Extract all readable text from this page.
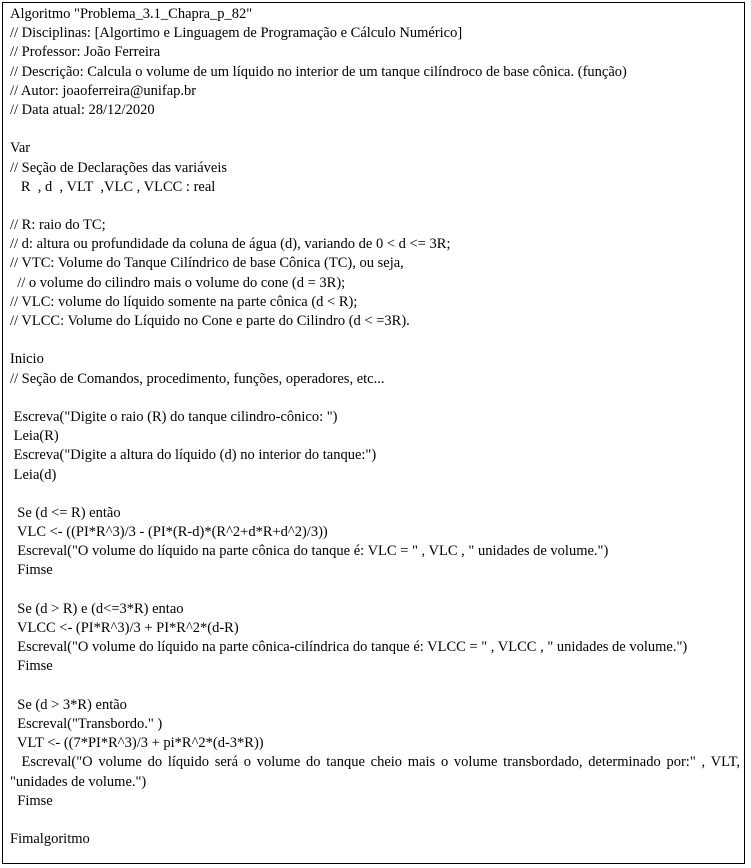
Algoritmo "Problema_3.1_Chapra_p_82"
// Disciplinas: [Algortimo e Linguagem de Programação e Cálculo Numérico]
// Professor: João Ferreira
// Descrição: Calcula o volume de um líquido no interior de um tanque cilíndroco de base cônica. (função)
// Autor: joaoferreira@unifap.br
// Data atual: 28/12/2020
Var
// Seção de Declarações das variáveis
R  , d  , VLT  ,VLC , VLCC : real
// R: raio do TC;
// d: altura ou profundidade da coluna de água (d), variando de 0 < d <= 3R;
// VTC: Volume do Tanque Cilíndrico de base Cônica (TC), ou seja,
// o volume do cilindro mais o volume do cone (d = 3R);
// VLC: volume do líquido somente na parte cônica (d < R);
// VLCC: Volume do Líquido no Cone e parte do Cilindro (d < =3R).
Inicio
// Seção de Comandos, procedimento, funções, operadores, etc...
Escreva("Digite o raio (R) do tanque cilindro-cônico: ")
Leia(R)
Escreva("Digite a altura do líquido (d) no interior do tanque:")
Leia(d)
Se (d <= R) então
VLC <- ((PI*R^3)/3 - (PI*(R-d)*(R^2+d*R+d^2)/3))
Escreval("O volume do líquido na parte cônica do tanque é: VLC = " , VLC , " unidades de volume.")
Fimse
Se (d > R) e (d<=3*R) entao
VLCC <- (PI*R^3)/3 + PI*R^2*(d-R)
Escreval("O volume do líquido na parte cônica-cilíndrica do tanque é: VLCC = " , VLCC , " unidades de volume.")
Fimse
Se (d > 3*R) então
Escreval("Transbordo." )
VLT <- ((7*PI*R^3)/3 + pi*R^2*(d-3*R))
Escreval("O volume do líquido será o volume do tanque cheio mais o volume transbordado, determinado por:" , VLT, "unidades de volume.")
Fimse
Fimalgoritmo
